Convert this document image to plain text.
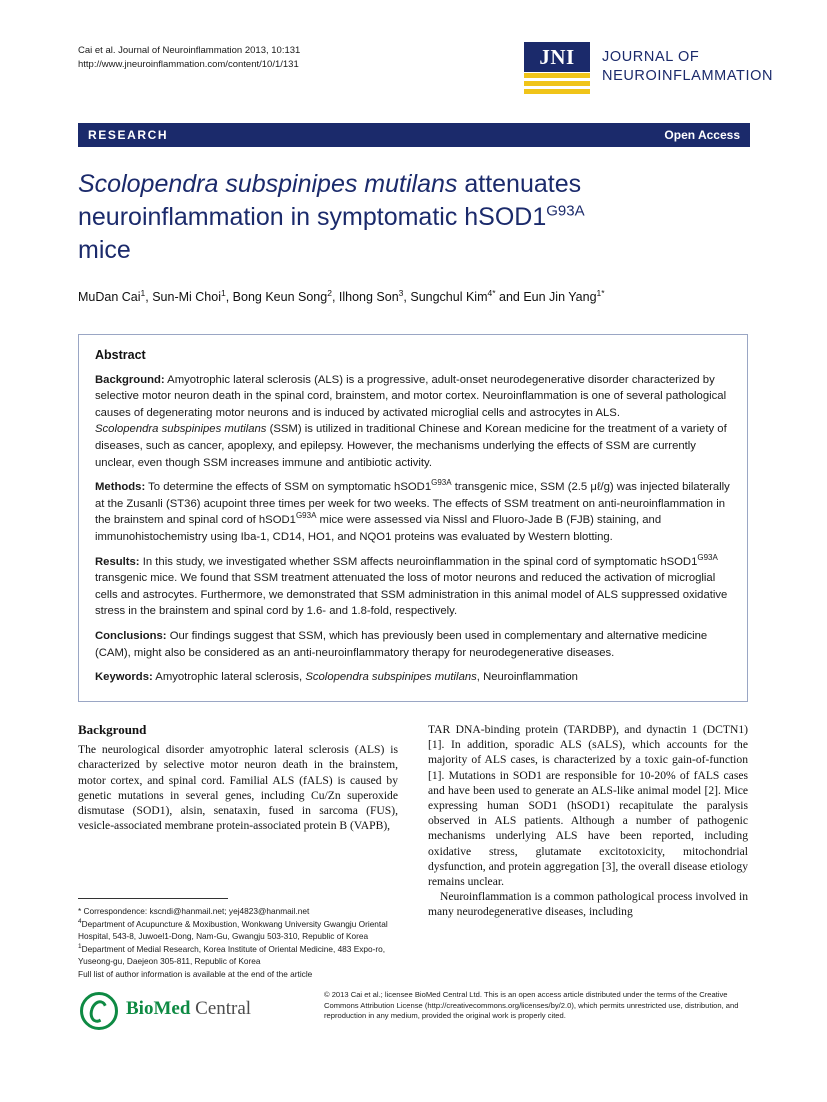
Cai et al. Journal of Neuroinflammation 2013, 10:131
http://www.jneuroinflammation.com/content/10/1/131	JNI	JOURNAL OF
NEUROINFLAMMATION
RESEARCH	Open Access
Scolopendra subspinipes mutilans attenuates
neuroinflammation in symptomatic $hSOD1^{G93A}$
mice
MuDan Cai$^1$, Sun-Mi Choi$^1$, Bong Keun Song$^2$, Ilhong Son$^3$, Sungchul Kim$^{4*}$ and Eun Jin Yang$^{1*}$
Abstract

Background: Amyotrophic lateral sclerosis (ALS) is a progressive, adult-onset neurodegenerative disorder characterized by selective motor neuron death in the spinal cord, brainstem, and motor cortex. Neuroinflammation is one of several pathological causes of degenerating motor neurons and is induced by activated microglial cells and astrocytes in ALS.
Scolopendra subspinipes mutilans (SSM) is utilized in traditional Chinese and Korean medicine for the treatment of a variety of diseases, such as cancer, apoplexy, and epilepsy. However, the mechanisms underlying the effects of SSM are currently unclear, even though SSM increases immune and antibiotic activity.

Methods: To determine the effects of SSM on symptomatic $hSOD1^{G93A}$ transgenic mice, SSM (2.5 μℓ/g) was injected bilaterally at the Zusanli (ST36) acupoint three times per week for two weeks. The effects of SSM treatment on anti-neuroinflammation in the brainstem and spinal cord of $hSOD1^{G93A}$ mice were assessed via Nissl and Fluoro-Jade B (FJB) staining, and immunohistochemistry using Iba-1, CD14, HO1, and NQO1 proteins was evaluated by Western blotting.

Results: In this study, we investigated whether SSM affects neuroinflammation in the spinal cord of symptomatic $hSOD1^{G93A}$ transgenic mice. We found that SSM treatment attenuated the loss of motor neurons and reduced the activation of microglial cells and astrocytes. Furthermore, we demonstrated that SSM administration in this animal model of ALS suppressed oxidative stress in the brainstem and spinal cord by 1.6- and 1.8-fold, respectively.

Conclusions: Our findings suggest that SSM, which has previously been used in complementary and alternative medicine (CAM), might also be considered as an anti-neuroinflammatory therapy for neurodegenerative diseases.

Keywords: Amyotrophic lateral sclerosis, Scolopendra subspinipes mutilans, Neuroinflammation

Background

The neurological disorder amyotrophic lateral sclerosis (ALS) is characterized by selective motor neuron death in the brainstem, motor cortex, and spinal cord. Familial ALS (fALS) is caused by genetic mutations in several genes, including Cu/Zn superoxide dismutase (SOD1), alsin, senataxin, fused in sarcoma (FUS), vesicle-associated membrane protein-associated protein B (VAPB),

TAR DNA-binding protein (TARDBP), and dynactin 1 (DCTN1) [1]. In addition, sporadic ALS (sALS), which accounts for the majority of ALS cases, is characterized by a toxic gain-of-function [1]. Mutations in SOD1 are responsible for 10-20% of fALS cases and have been used to generate an ALS-like animal model [2]. Mice expressing human SOD1 (hSOD1) recapitulate the paralysis observed in ALS patients. Although a number of pathogenic mechanisms underlying ALS have been reported, including oxidative stress, glutamate excitotoxicity, mitochondrial dysfunction, and protein aggregation [3], the overall disease etiology remains unclear.

Neuroinflammation is a common pathological process involved in many neurodegenerative diseases, including

* Correspondence: kscndi@hanmail.net; yej4823@hanmail.net

$^4$Department of Acupuncture & Moxibustion, Wonkwang University Gwangju Oriental Hospital, 543-8, Juwoel1-Dong, Nam-Gu, Gwangju 503-310, Republic of Korea

$^1$Department of Medial Research, Korea Institute of Oriental Medicine, 483 Expo-ro, Yuseong-gu, Daejeon 305-811, Republic of Korea

Full list of author information is available at the end of the article

BioMed Central
© 2013 Cai et al.; licensee BioMed Central Ltd. This is an open access article distributed under the terms of the Creative Commons Attribution License (http://creativecommons.org/licenses/by/2.0), which permits unrestricted use, distribution, and reproduction in any medium, provided the original work is properly cited.
